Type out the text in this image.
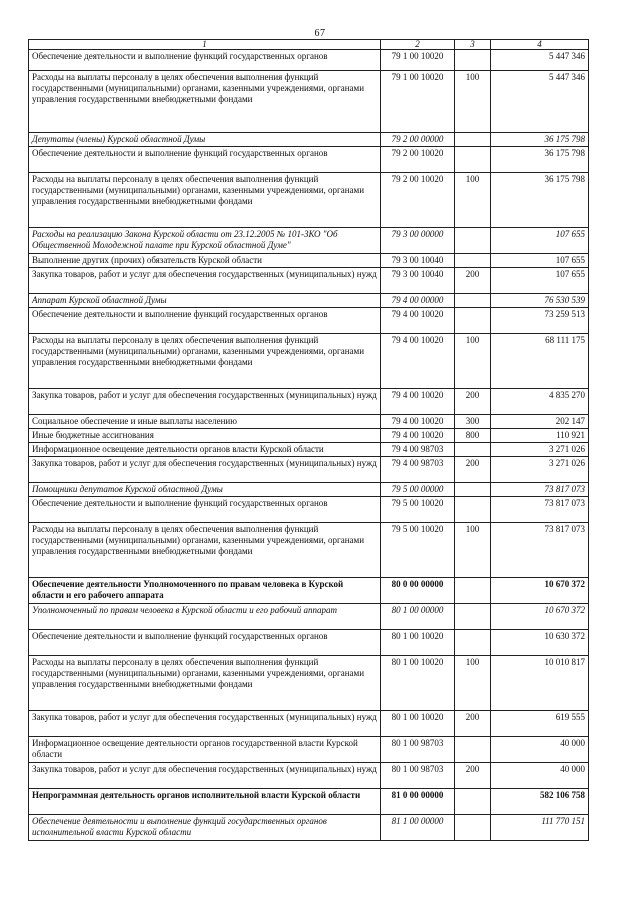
67
1	2	3	4
Обеспечение деятельности и выполнение функций государственных органов	79 1 00 10020		5 447 346
Расходы на выплаты персоналу в целях обеспечения выполнения функций государственными (муниципальными) органами, казенными учреждениями, органами управления государственными внебюджетными фондами	79 1 00 10020	100	5 447 346
Депутаты (члены) Курской областной Думы	79 2 00 00000		36 175 798
Обеспечение деятельности и выполнение функций государственных органов	79 2 00 10020		36 175 798
Расходы на выплаты персоналу в целях обеспечения выполнения функций государственными (муниципальными) органами, казенными учреждениями, органами управления государственными внебюджетными фондами	79 2 00 10020	100	36 175 798
Расходы на реализацию Закона Курской области от 23.12.2005 № 101-ЗКО "Об Общественной Молодежной палате при Курской областной Думе"	79 3 00 00000		107 655
Выполнение других (прочих) обязательств Курской области	79 3 00 10040		107 655
Закупка товаров, работ и услуг для обеспечения государственных (муниципальных) нужд	79 3 00 10040	200	107 655
Аппарат Курской областной Думы	79 4 00 00000		76 530 539
Обеспечение деятельности и выполнение функций государственных органов	79 4 00 10020		73 259 513
Расходы на выплаты персоналу в целях обеспечения выполнения функций государственными (муниципальными) органами, казенными учреждениями, органами управления государственными внебюджетными фондами	79 4 00 10020	100	68 111 175
Закупка товаров, работ и услуг для обеспечения государственных (муниципальных) нужд	79 4 00 10020	200	4 835 270
Социальное обеспечение и иные выплаты населению	79 4 00 10020	300	202 147
Иные бюджетные ассигнования	79 4 00 10020	800	110 921
Информационное освещение деятельности органов власти Курской области	79 4 00 98703		3 271 026
Закупка товаров, работ и услуг для обеспечения государственных (муниципальных) нужд	79 4 00 98703	200	3 271 026
Помощники депутатов Курской областной Думы	79 5 00 00000		73 817 073
Обеспечение деятельности и выполнение функций государственных органов	79 5 00 10020		73 817 073
Расходы на выплаты персоналу в целях обеспечения выполнения функций государственными (муниципальными) органами, казенными учреждениями, органами управления государственными внебюджетными фондами	79 5 00 10020	100	73 817 073
Обеспечение деятельности Уполномоченного по правам человека в Курской области и его рабочего аппарата	80 0 00 00000		10 670 372
Уполномоченный по правам человека в Курской области и его рабочий аппарат	80 1 00 00000		10 670 372
Обеспечение деятельности и выполнение функций государственных органов	80 1 00 10020		10 630 372
Расходы на выплаты персоналу в целях обеспечения выполнения функций государственными (муниципальными) органами, казенными учреждениями, органами управления государственными внебюджетными фондами	80 1 00 10020	100	10 010 817
Закупка товаров, работ и услуг для обеспечения государственных (муниципальных) нужд	80 1 00 10020	200	619 555
Информационное освещение деятельности органов государственной власти Курской области	80 1 00 98703		40 000
Закупка товаров, работ и услуг для обеспечения государственных (муниципальных) нужд	80 1 00 98703	200	40 000
Непрограммная деятельность органов исполнительной власти Курской области	81 0 00 00000		582 106 758
Обеспечение деятельности и выполнение функций государственных органов исполнительной власти Курской области	81 1 00 00000		111 770 151
